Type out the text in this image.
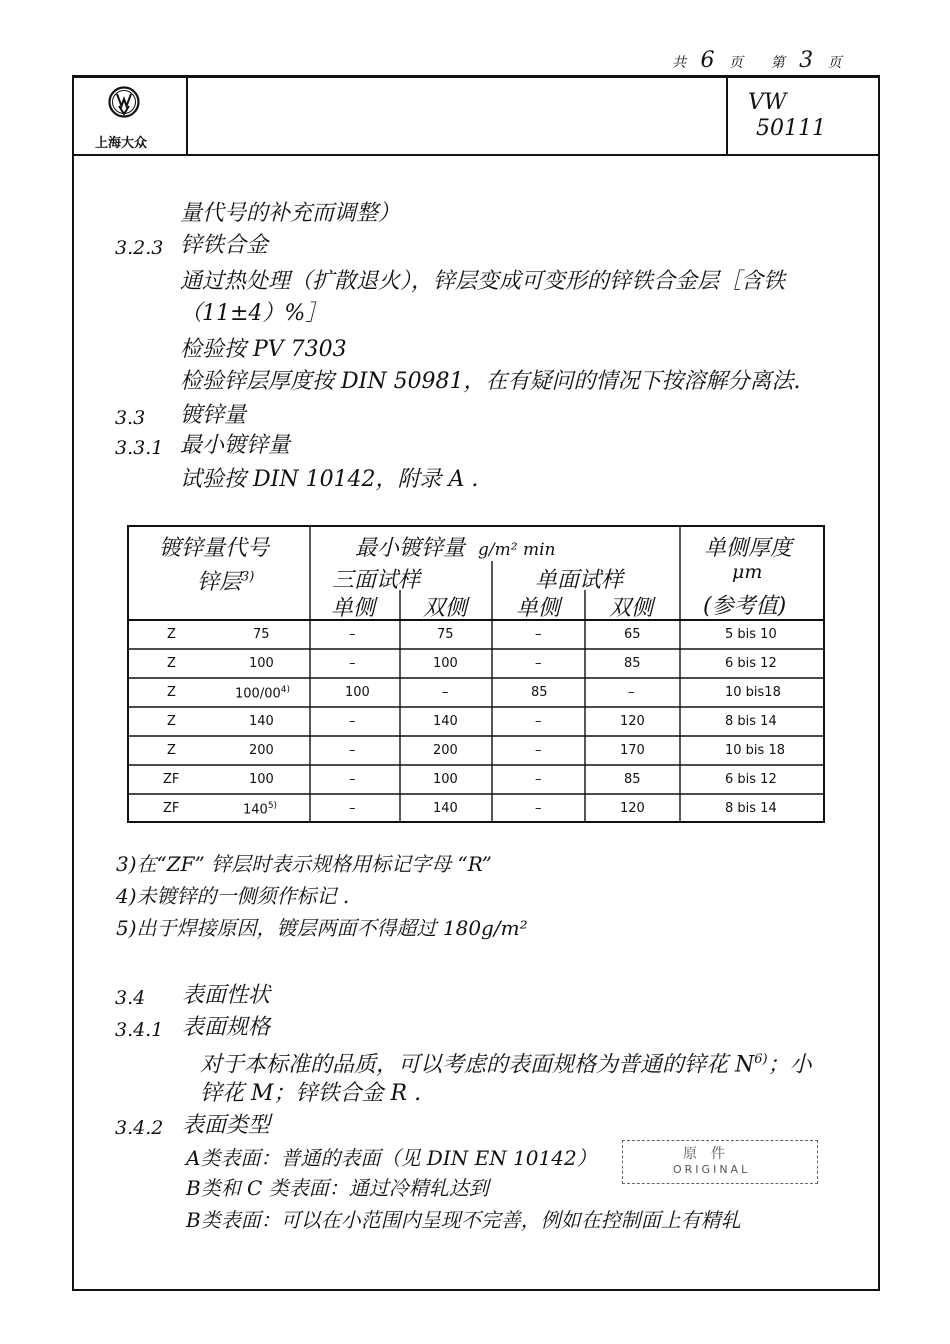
共 6 页 第 3 页
上海大众
VW
50111
量代号的补充而调整）
3.2.3 锌铁合金
通过热处理（扩散退火），锌层变成可变形的锌铁合金层［含铁
（11±4）%］
检验按 PV 7303
检验锌层厚度按 DIN 50981，在有疑问的情况下按溶解分离法.
3.3 镀锌量
3.3.1 最小镀锌量
试验按 DIN 10142，附录 A .
镀锌量代号
锌层$^{3)}$
最小镀锌量 g/m² min
三面试样	单面试样
单侧 双侧 单侧 双侧
单侧厚度
μm
(参考值)
Z	75	–	75	–	65	5 bis 10
Z	100	–	100	–	85	6 bis 12
Z	100/00$^{4)}$	100	–	85	–	10 bis18
Z	140	–	140	–	120	8 bis 14
Z	200	–	200	–	170	10 bis 18
ZF	100	–	100	–	85	6 bis 12
ZF	140$^{5)}$	–	140	–	120	8 bis 14
3)在“ZF” 锌层时表示规格用标记字母 “R”
4)未镀锌的一侧须作标记 .
5)出于焊接原因，镀层两面不得超过 180g/m²
3.4 表面性状
3.4.1 表面规格
对于本标准的品质，可以考虑的表面规格为普通的锌花 $N^{6)}$；小
锌花 M；锌铁合金 R .
3.4.2 表面类型
A类表面：普通的表面（见 DIN EN 10142）
B类和 C 类表面：通过冷精轧达到
B类表面：可以在小范围内呈现不完善，例如在控制面上有精轧
原　件
ORIGINAL
